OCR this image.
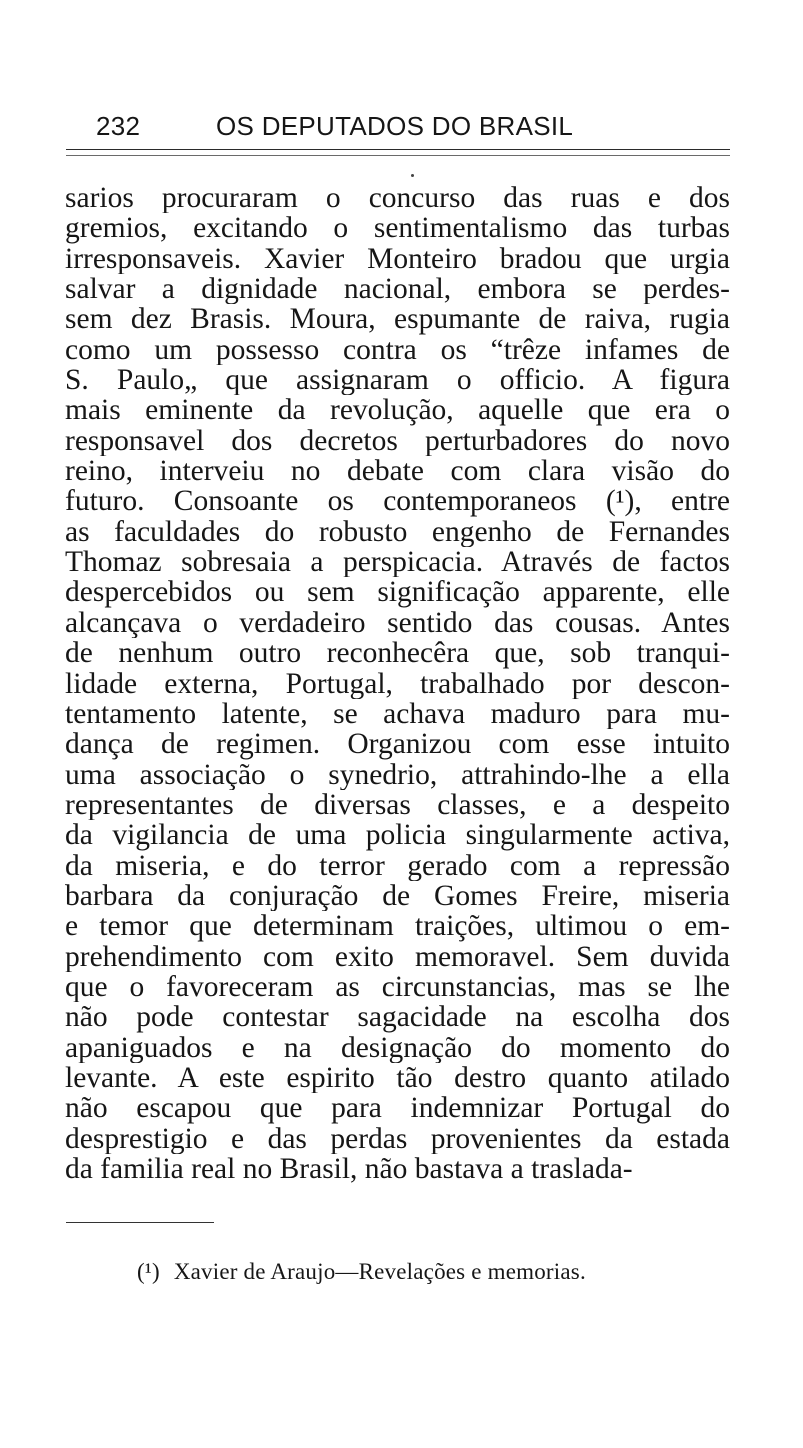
232	OS DEPUTADOS DO BRASIL
sarios procuraram o concurso das ruas e dos
gremios, excitando o sentimentalismo das turbas
irresponsaveis. Xavier Monteiro bradou que urgia
salvar a dignidade nacional, embora se perdes-
sem dez Brasis. Moura, espumante de raiva, rugia
como um possesso contra os “trêze infames de
S. Paulo„ que assignaram o officio. A figura
mais eminente da revolução, aquelle que era o
responsavel dos decretos perturbadores do novo
reino, interveiu no debate com clara visão do
futuro. Consoante os contemporaneos (¹), entre
as faculdades do robusto engenho de Fernandes
Thomaz sobresaia a perspicacia. Através de factos
despercebidos ou sem significação apparente, elle
alcançava o verdadeiro sentido das cousas. Antes
de nenhum outro reconhecêra que, sob tranqui-
lidade externa, Portugal, trabalhado por descon-
tentamento latente, se achava maduro para mu-
dança de regimen. Organizou com esse intuito
uma associação o synedrio, attrahindo-lhe a ella
representantes de diversas classes, e a despeito
da vigilancia de uma policia singularmente activa,
da miseria, e do terror gerado com a repressão
barbara da conjuração de Gomes Freire, miseria
e temor que determinam traições, ultimou o em-
prehendimento com exito memoravel. Sem duvida
que o favoreceram as circunstancias, mas se lhe
não pode contestar sagacidade na escolha dos
apaniguados e na designação do momento do
levante. A este espirito tão destro quanto atilado
não escapou que para indemnizar Portugal do
desprestigio e das perdas provenientes da estada
da familia real no Brasil, não bastava a traslada-
(¹) Xavier de Araujo—Revelações e memorias.
